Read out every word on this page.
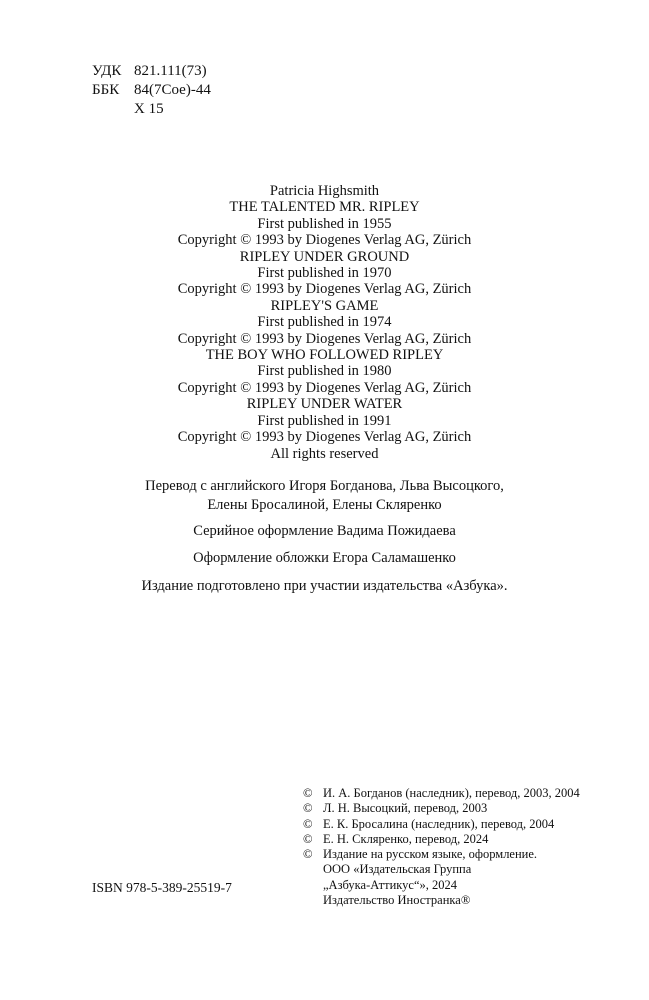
УДК 821.111(73)
ББК 84(7Сое)-44
Х 15
Patricia Highsmith
THE TALENTED MR. RIPLEY
First published in 1955
Copyright © 1993 by Diogenes Verlag AG, Zürich
RIPLEY UNDER GROUND
First published in 1970
Copyright © 1993 by Diogenes Verlag AG, Zürich
RIPLEY'S GAME
First published in 1974
Copyright © 1993 by Diogenes Verlag AG, Zürich
THE BOY WHO FOLLOWED RIPLEY
First published in 1980
Copyright © 1993 by Diogenes Verlag AG, Zürich
RIPLEY UNDER WATER
First published in 1991
Copyright © 1993 by Diogenes Verlag AG, Zürich
All rights reserved
Перевод с английского Игоря Богданова, Льва Высоцкого,
Елены Бросалиной, Елены Скляренко
Серийное оформление Вадима Пожидаева
Оформление обложки Егора Саламашенко
Издание подготовлено при участии издательства «Азбука».
© И. А. Богданов (наследник), перевод, 2003, 2004
© Л. Н. Высоцкий, перевод, 2003
© Е. К. Бросалина (наследник), перевод, 2004
© Е. Н. Скляренко, перевод, 2024
© Издание на русском языке, оформление.
ООО «Издательская Группа
„Азбука-Аттикус“», 2024
Издательство Иностранка®
ISBN 978-5-389-25519-7
